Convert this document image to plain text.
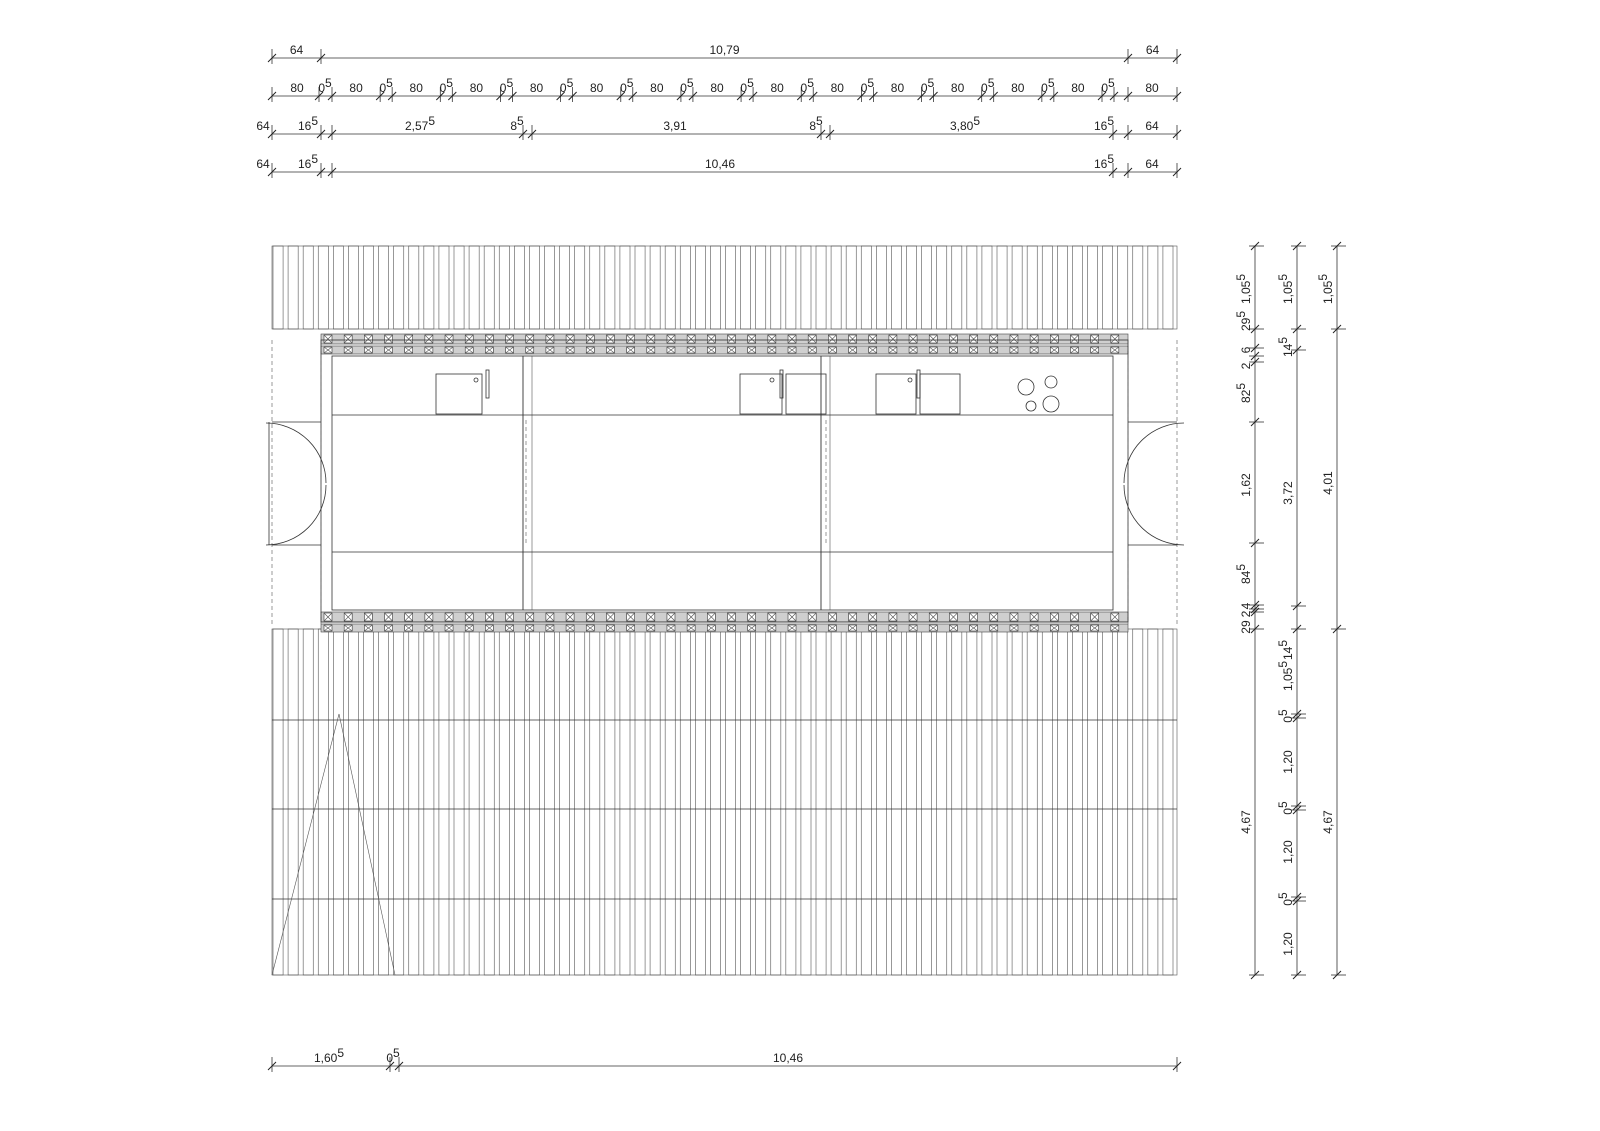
64	10,79	64
80 05 80 05 80 05 80 05 80 05 80 05 80 05 80 05 80 05 80 05 80 05 80 05 80 05 80 05	80
64 165	2,575	85	3,91	85	3,805	165	64
64 165	10,46	165	64
1,055
295
6
2
825
1,62
845
2
4
29
4,67
1,055
145
3,72
145
1,055
05
1,20
05
1,20
05
1,20
1,055
4,01
4,67
1,605	05	10,46
